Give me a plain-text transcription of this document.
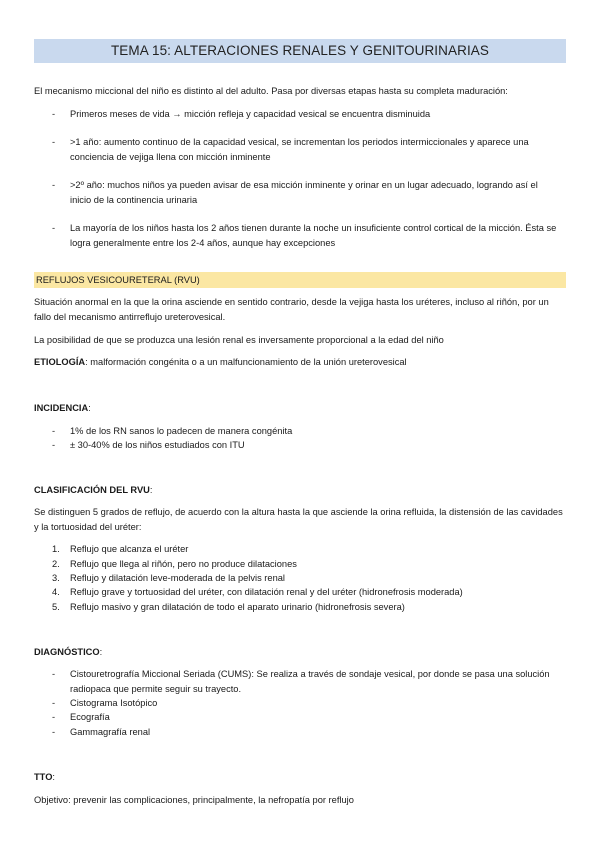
TEMA 15: ALTERACIONES RENALES Y GENITOURINARIAS
El mecanismo miccional del niño es distinto al del adulto. Pasa por diversas etapas hasta su completa maduración:
- Primeros meses de vida → micción refleja y capacidad vesical se encuentra disminuida
- >1 año: aumento continuo de la capacidad vesical, se incrementan los periodos intermiccionales y aparece una conciencia de vejiga llena con micción inminente
- >2º año: muchos niños ya pueden avisar de esa micción inminente y orinar en un lugar adecuado, logrando así el inicio de la continencia urinaria
- La mayoría de los niños hasta los 2 años tienen durante la noche un insuficiente control cortical de la micción. Ésta se logra generalmente entre los 2-4 años, aunque hay excepciones
REFLUJOS VESICOURETERAL (RVU)
Situación anormal en la que la orina asciende en sentido contrario, desde la vejiga hasta los uréteres, incluso al riñón, por un fallo del mecanismo antirreflujo ureterovesical.
La posibilidad de que se produzca una lesión renal es inversamente proporcional a la edad del niño
ETIOLOGÍA: malformación congénita o a un malfuncionamiento de la unión ureterovesical
INCIDENCIA:
- 1% de los RN sanos lo padecen de manera congénita
- ± 30-40% de los niños estudiados con ITU
CLASIFICACIÓN DEL RVU:
Se distinguen 5 grados de reflujo, de acuerdo con la altura hasta la que asciende la orina refluida, la distensión de las cavidades y la tortuosidad del uréter:
1. Reflujo que alcanza el uréter
2. Reflujo que llega al riñón, pero no produce dilataciones
3. Reflujo y dilatación leve-moderada de la pelvis renal
4. Reflujo grave y tortuosidad del uréter, con dilatación renal y del uréter (hidronefrosis moderada)
5. Reflujo masivo y gran dilatación de todo el aparato urinario (hidronefrosis severa)
DIAGNÓSTICO:
- Cistouretrografía Miccional Seriada (CUMS): Se realiza a través de sondaje vesical, por donde se pasa una solución radiopaca que permite seguir su trayecto.
- Cistograma Isotópico
- Ecografía
- Gammagrafía renal
TTO:
Objetivo: prevenir las complicaciones, principalmente, la nefropatía por reflujo
